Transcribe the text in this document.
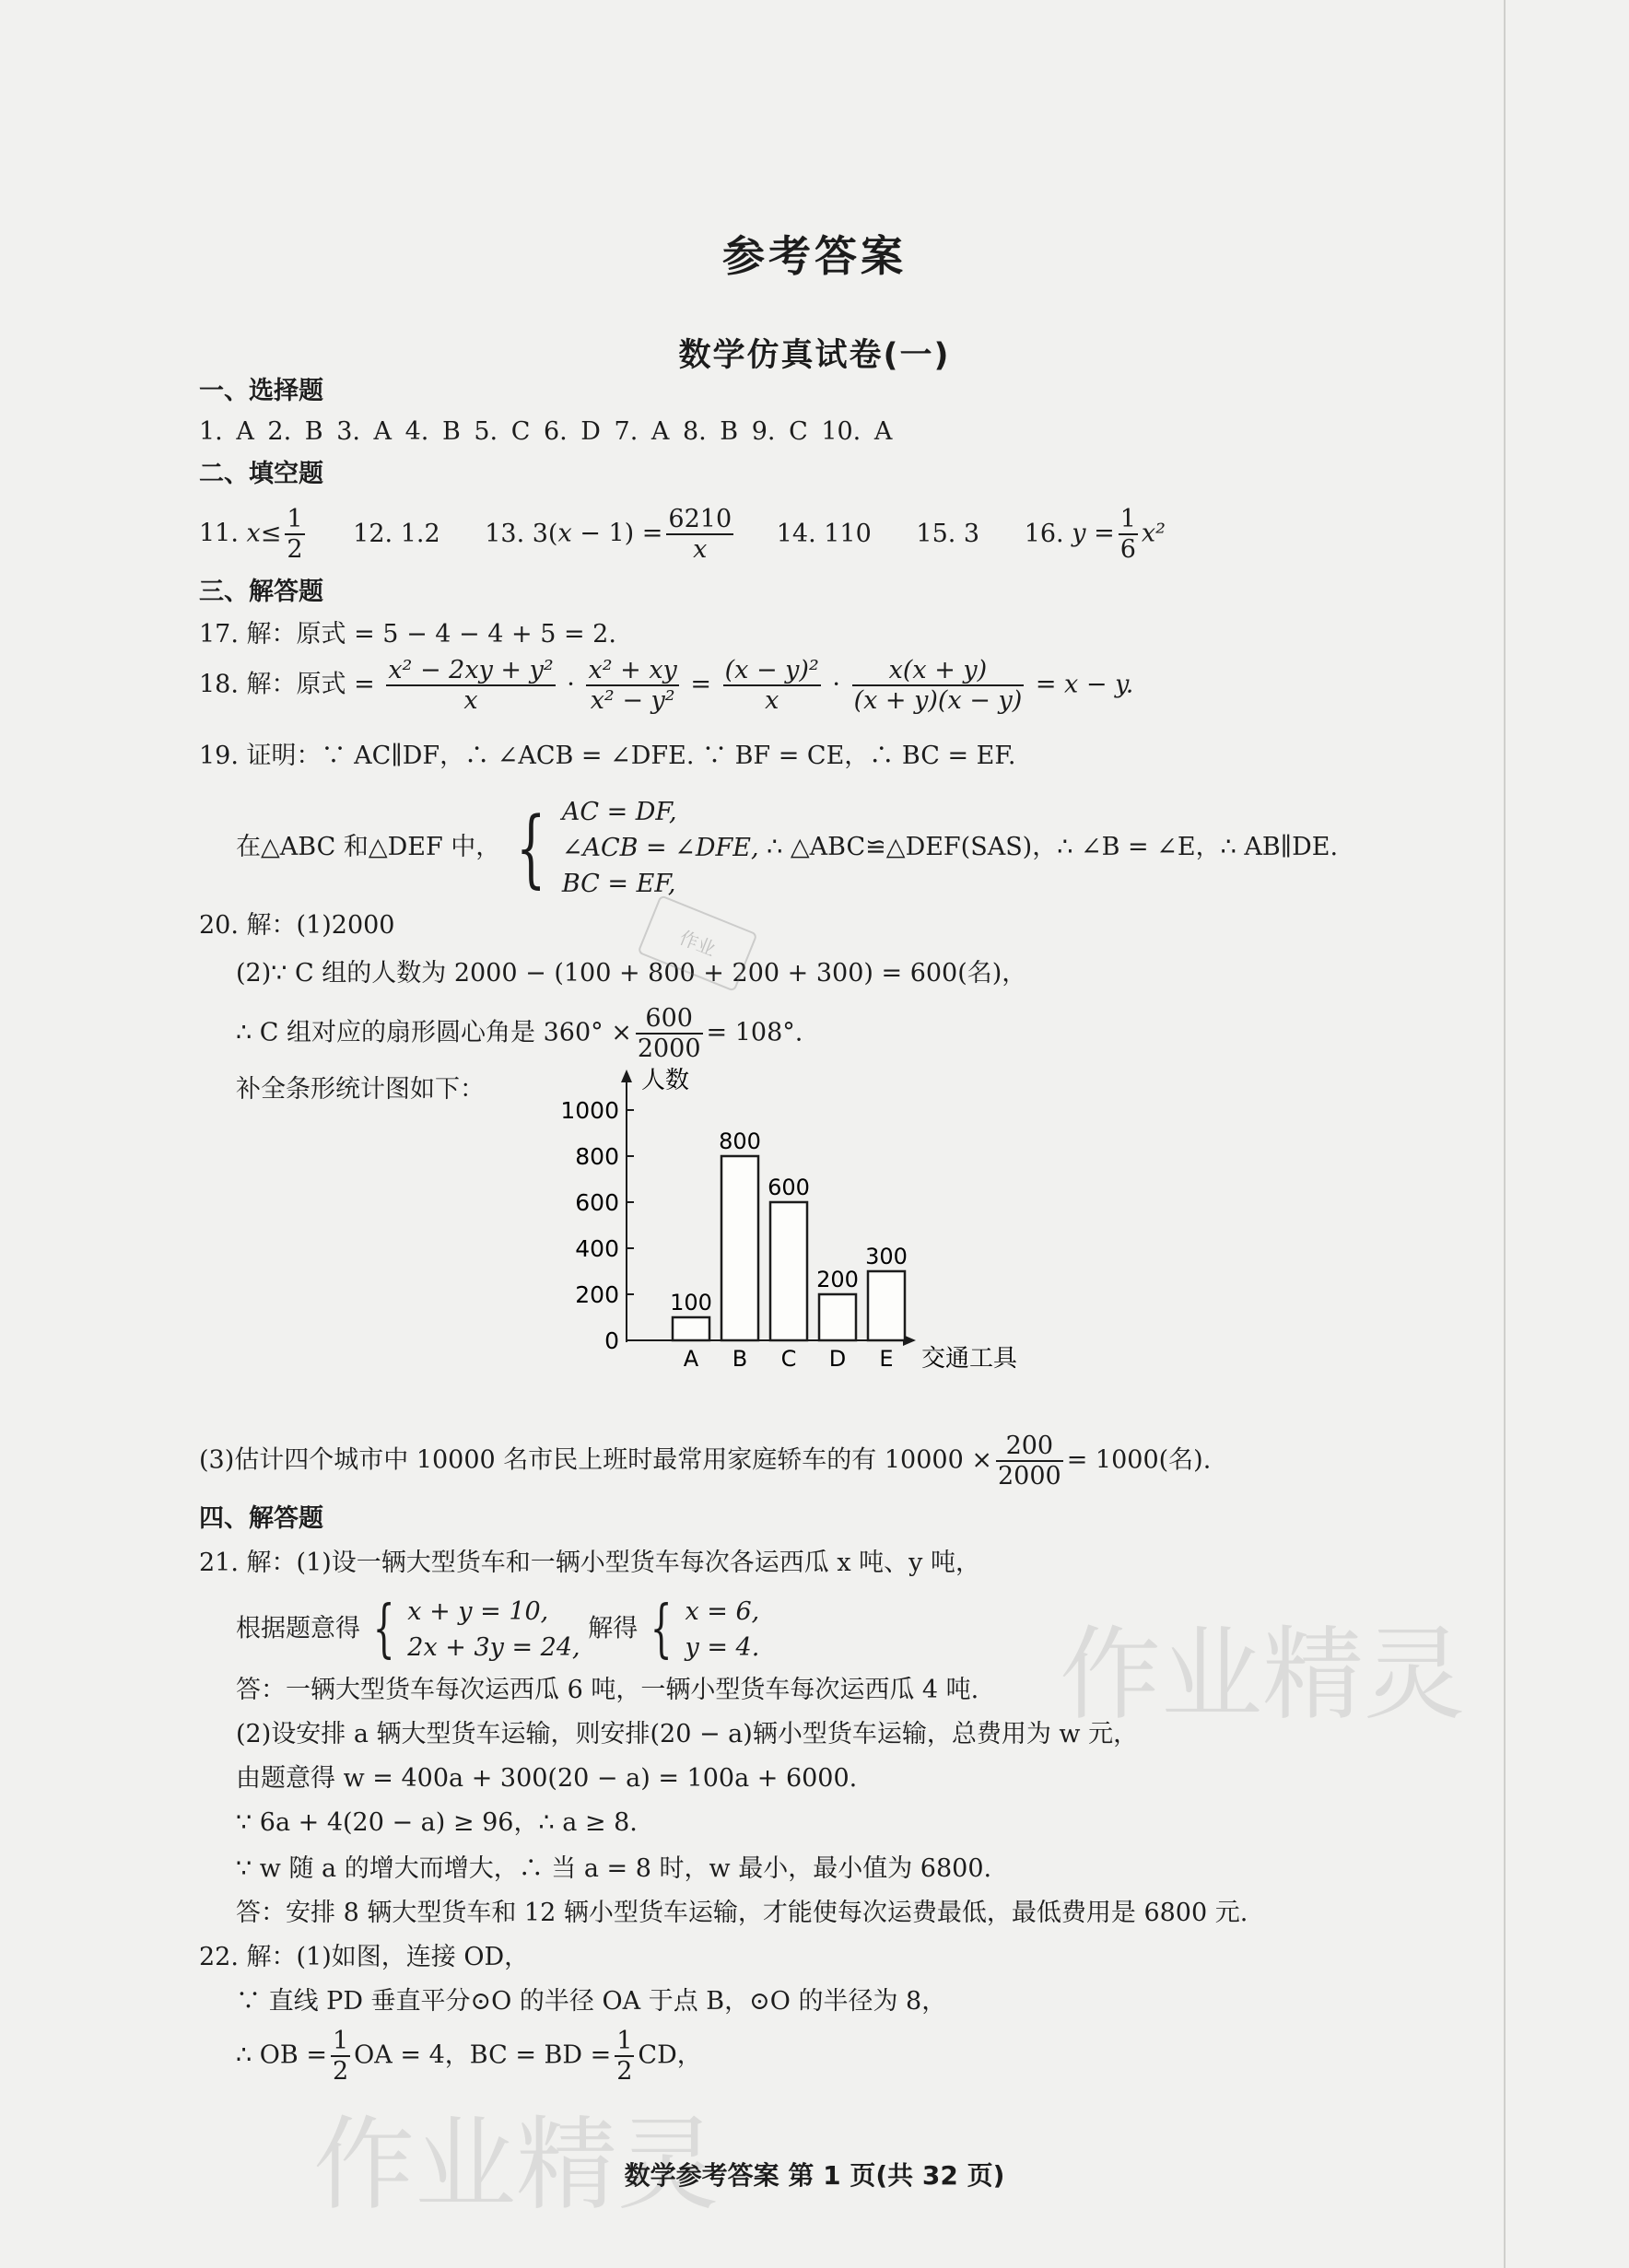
参考答案
数学仿真试卷(一)
一、选择题
1. A 2. B 3. A 4. B 5. C 6. D 7. A 8. B 9. C 10. A
二、填空题
11. $x\le \frac{1}{2} 12$. 1.2 13. $3(x - 1) = \frac{6210}{x} 14$. 110 15. 3 16. $y = \frac{1}{6} x^2$
三、解答题
17. 解：原式 = 5 − 4 − 4 + 5 = 2.
18. 解：原式 = $\frac{\text{x² − 2xy + y²}}{x} \cdot \frac{\text{x² + xy}}{\text{x² − y²}} = \frac{\text{(x − y)²}}{x} \cdot \frac{x(x + y)}{(x + y)(x - y)} = x - y$.
19. 证明：∵ AC∥DF，∴ ∠ACB = ∠DFE. ∵ BF = CE，∴ BC = EF.
在△ABC 和△DEF 中， { AC = DF,
∠ACB = ∠DFE,
BC = EF,
∴ △ABC≌△DEF(SAS)，∴ ∠B = ∠E，∴ AB∥DE.
20. 解：(1)2000
(2)∵ C 组的人数为 2000 − (100 + 800 + 200 + 300) = 600(名)，
∴ C 组对应的扇形圆心角是 $360^\circ \times \frac{600}{2000} = 108^\circ$.
补全条形统计图如下：	人数
交通工具
0
200
400
600
800
1000
100
A
800
B
600
C
200
D
300
E
(3)估计四个城市中 10000 名市民上班时最常用家庭轿车的有 $10000 \times \frac{200}{2000} = 1000$(名).
四、解答题
21. 解：(1)设一辆大型货车和一辆小型货车每次各运西瓜 x 吨、y 吨，
根据题意得 { x + y = 10,
2x + 3y = 24,
解得 { x = 6,
y = 4.
答：一辆大型货车每次运西瓜 6 吨，一辆小型货车每次运西瓜 4 吨.
(2)设安排 a 辆大型货车运输，则安排(20 − a)辆小型货车运输，总费用为 w 元，
由题意得 w = 400a + 300(20 − a) = 100a + 6000.
∵ 6a + 4(20 − a) ≥ 96，∴ a ≥ 8.
∵ w 随 a 的增大而增大，∴ 当 a = 8 时，w 最小，最小值为 6800.
答：安排 8 辆大型货车和 12 辆小型货车运输，才能使每次运费最低，最低费用是 6800 元.
22. 解：(1)如图，连接 OD，
∵ 直线 PD 垂直平分⊙O 的半径 OA 于点 B，⊙O 的半径为 8，
∴ OB = $\frac{1}{2}$ OA = 4，BC = BD = $\frac{1}{2}$ CD，
作业
作业精灵
作业精灵
数学参考答案 第 1 页(共 32 页)
